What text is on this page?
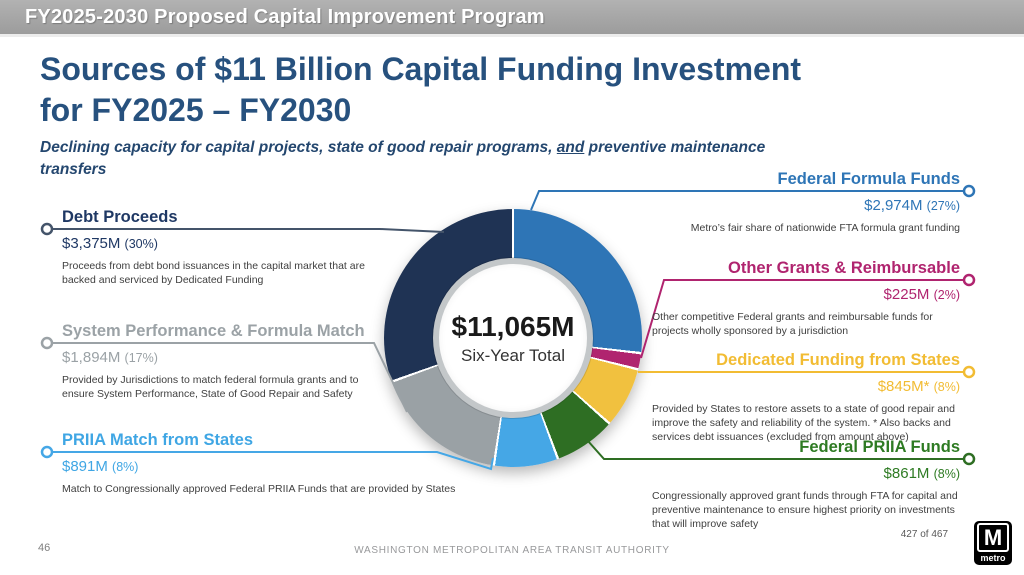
FY2025-2030 Proposed Capital Improvement Program
Sources of $11 Billion Capital Funding Investment
for FY2025 – FY2030
Declining capacity for capital projects, state of good repair programs, and preventive maintenance
transfers
$11,065M
Six-Year Total
Debt Proceeds
$3,375M (30%)
Proceeds from debt bond issuances in the capital market that are backed and serviced by Dedicated Funding
System Performance & Formula Match
$1,894M (17%)
Provided by Jurisdictions to match federal formula grants and to ensure System Performance, State of Good Repair and Safety
PRIIA Match from States
$891M (8%)
Match to Congressionally approved Federal PRIIA Funds that are provided by States
Federal Formula Funds
$2,974M (27%)
Metro’s fair share of nationwide FTA formula grant funding
Other Grants & Reimbursable
$225M (2%)
Other competitive Federal grants and reimbursable funds for projects wholly sponsored by a jurisdiction
Dedicated Funding from States
$845M* (8%)
Provided by States to restore assets to a state of good repair and improve the safety and reliability of the system. * Also backs and services debt issuances (excluded from amount above)
Federal PRIIA Funds
$861M (8%)
Congressionally approved grant funds through FTA for capital and preventive maintenance to ensure highest priority on investments that will improve safety
46	WASHINGTON METROPOLITAN AREA TRANSIT AUTHORITY
427 of 467 M
metro
